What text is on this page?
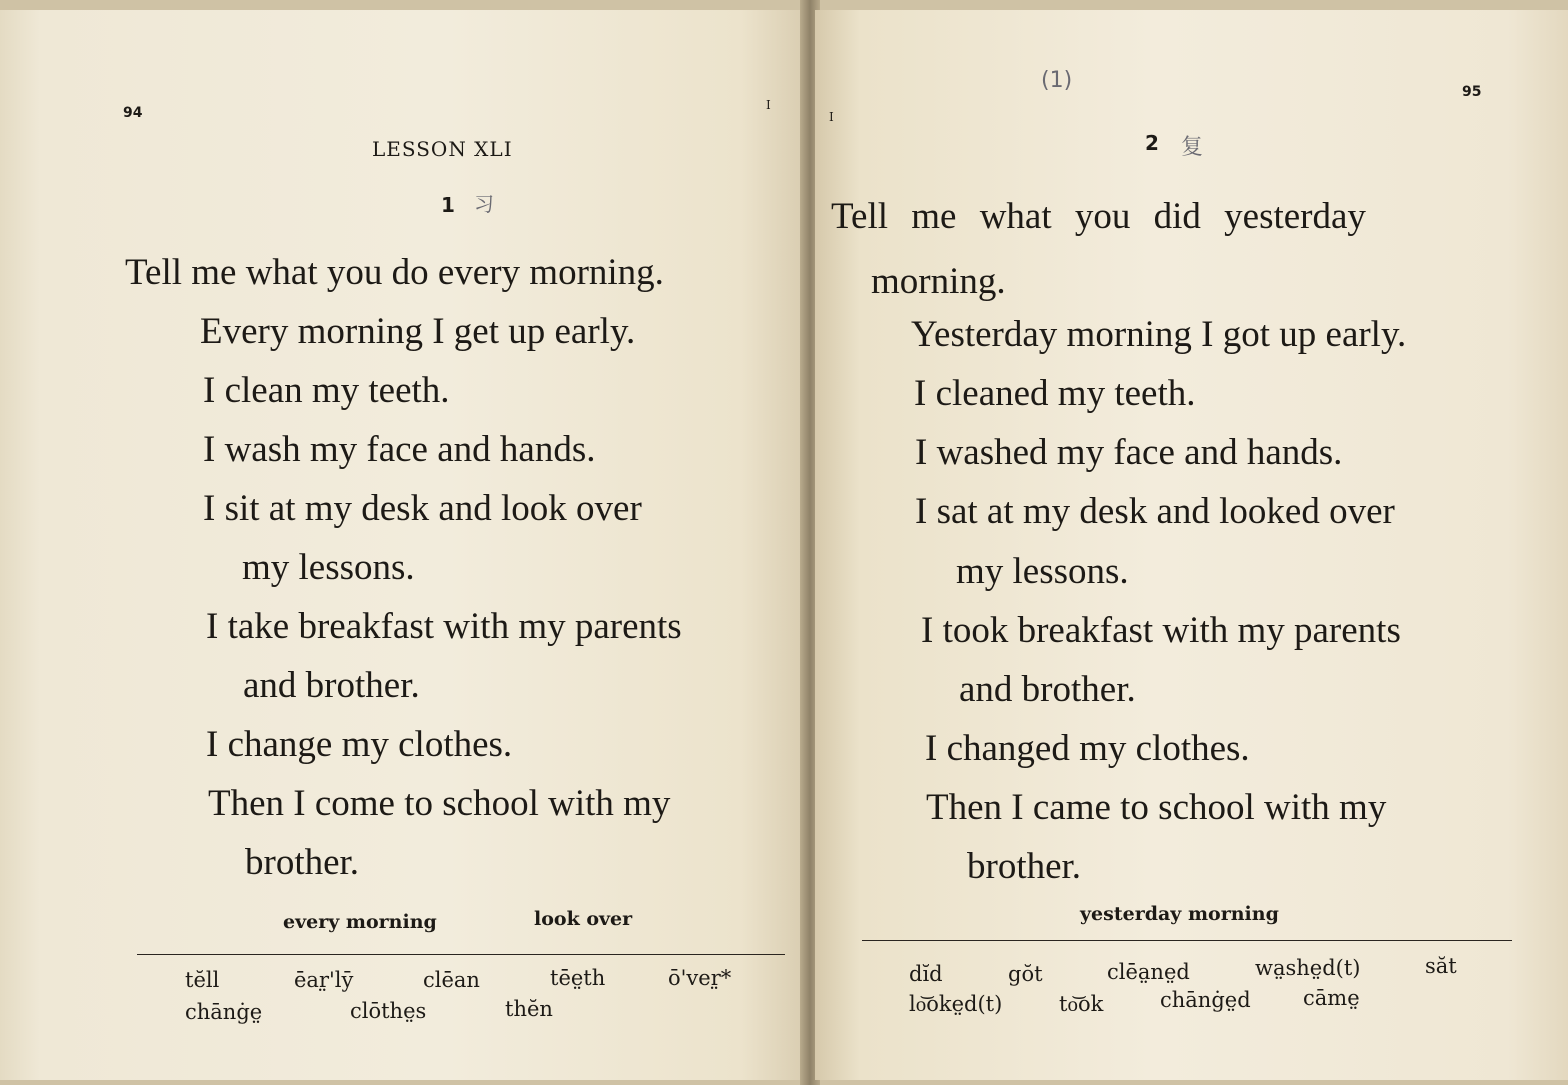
94	I
LESSON XLI
1 习
Tell me what you do every morning.
Every morning I get up early.
I clean my teeth.
I wash my face and hands.
I sit at my desk and look over
my lessons.
I take breakfast with my parents
and brother.
I change my clothes.
Then I come to school with my
brother.
every morning	look over
tĕll	ēar̤'lȳ	clēan	tēe̤th	ō'ver̤*
chānġe̤	clōthe̤s	thĕn
95
I
(1)
2 复
Tell me what you did yesterday
morning.
Yesterday morning I got up early.
I cleaned my teeth.
I washed my face and hands.
I sat at my desk and looked over
my lessons.
I took breakfast with my parents
and brother.
I changed my clothes.
Then I came to school with my
brother.
yesterday morning
dĭd	gŏt	clēa̤ne̤d	wa̤she̤d(t)	săt
lo͝oke̤d(t)	to͝ok	chānġe̤d cāme̤
